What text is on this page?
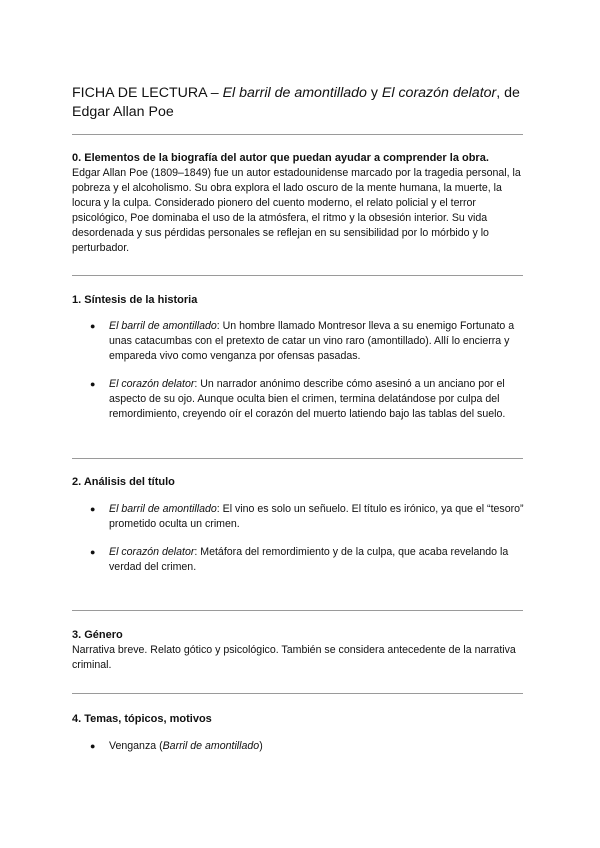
FICHA DE LECTURA – El barril de amontillado y El corazón delator, de Edgar Allan Poe

0. Elementos de la biografía del autor que puedan ayudar a comprender la obra.

Edgar Allan Poe (1809–1849) fue un autor estadounidense marcado por la tragedia personal, la pobreza y el alcoholismo. Su obra explora el lado oscuro de la mente humana, la muerte, la locura y la culpa. Considerado pionero del cuento moderno, el relato policial y el terror psicológico, Poe dominaba el uso de la atmósfera, el ritmo y la obsesión interior. Su vida desordenada y sus pérdidas personales se reflejan en su sensibilidad por lo mórbido y lo perturbador.

1. Síntesis de la historia

●	El barril de amontillado: Un hombre llamado Montresor lleva a su enemigo Fortunato a unas catacumbas con el pretexto de catar un vino raro (amontillado). Allí lo encierra y empareda vivo como venganza por ofensas pasadas.
●	El corazón delator: Un narrador anónimo describe cómo asesinó a un anciano por el aspecto de su ojo. Aunque oculta bien el crimen, termina delatándose por culpa del remordimiento, creyendo oír el corazón del muerto latiendo bajo las tablas del suelo.

2. Análisis del título

●	El barril de amontillado: El vino es solo un señuelo. El título es irónico, ya que el “tesoro” prometido oculta un crimen.
●	El corazón delator: Metáfora del remordimiento y de la culpa, que acaba revelando la verdad del crimen.

3. Género

Narrativa breve. Relato gótico y psicológico. También se considera antecedente de la narrativa criminal.

4. Temas, tópicos, motivos

●	Venganza (Barril de amontillado)
